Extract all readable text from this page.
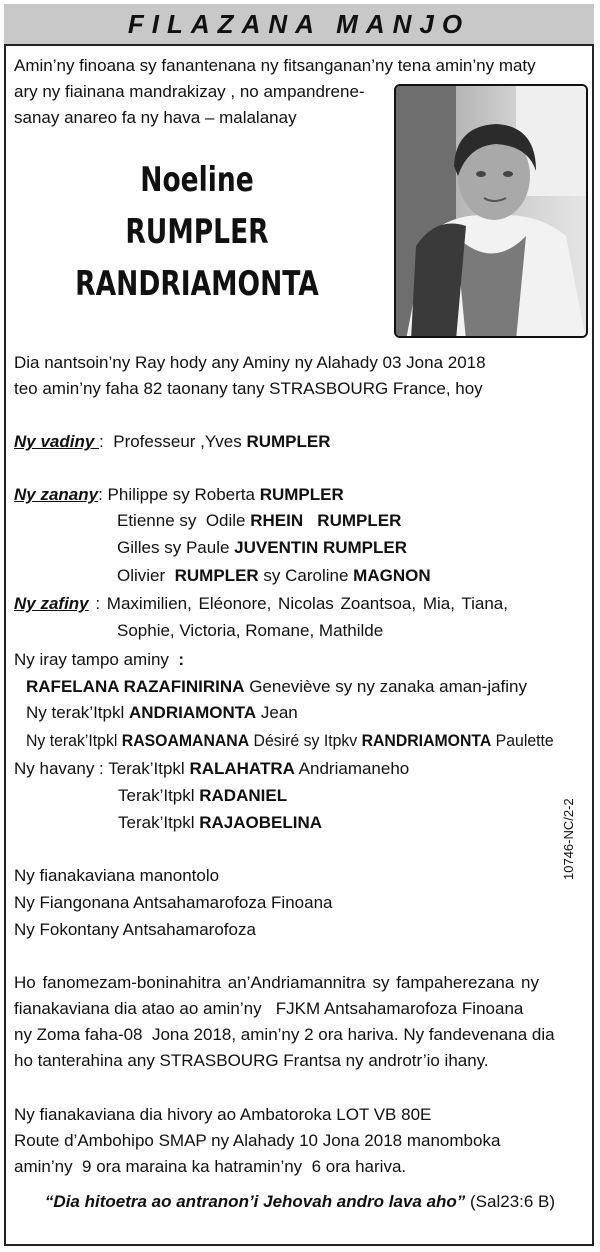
FILAZANA MANJO
Amin’ny finoana sy fanantenana ny fitsanganan’ny tena amin’ny maty
ary ny fiainana mandrakizay , no ampandrene-
sanay anareo fa ny hava – malalanay
Noeline
RUMPLER
RANDRIAMONTA
Dia nantsoin’ny Ray hody any Aminy ny Alahady 03 Jona 2018
teo amin’ny faha 82 taonany tany STRASBOURG France, hoy
Ny vadiny :  Professeur ,Yves RUMPLER
Ny zanany: Philippe sy Roberta RUMPLER
Etienne sy  Odile RHEIN   RUMPLER
Gilles sy Paule JUVENTIN RUMPLER
Olivier  RUMPLER sy Caroline MAGNON
Ny zafiny : Maximilien, Eléonore, Nicolas Zoantsoa, Mia, Tiana,
Sophie, Victoria, Romane, Mathilde
Ny iray tampo aminy  :
RAFELANA RAZAFINIRINA Geneviève sy ny zanaka aman-jafiny
Ny terak’Itpkl ANDRIAMONTA Jean
Ny terak’Itpkl RASOAMANANA Désiré sy Itpkv RANDRIAMONTA Paulette
Ny havany : Terak’Itpkl RALAHATRA Andriamaneho
Terak’Itpkl RADANIEL
Terak’Itpkl RAJAOBELINA	10746-NC/2-2
Ny fianakaviana manontolo
Ny Fiangonana Antsahamarofoza Finoana
Ny Fokontany Antsahamarofoza
Ho fanomezam-boninahitra an’Andriamannitra sy fampaherezana ny
fianakaviana dia atao ao amin’ny   FJKM Antsahamarofoza Finoana
ny Zoma faha-08  Jona 2018, amin’ny 2 ora hariva. Ny fandevenana dia
ho tanterahina any STRASBOURG Frantsa ny androtr’io ihany.
Ny fianakaviana dia hivory ao Ambatoroka LOT VB 80E
Route d’Ambohipo SMAP ny Alahady 10 Jona 2018 manomboka
amin’ny  9 ora maraina ka hatramin’ny  6 ora hariva.
“Dia hitoetra ao antranon’i Jehovah andro lava aho” (Sal23:6 B)
